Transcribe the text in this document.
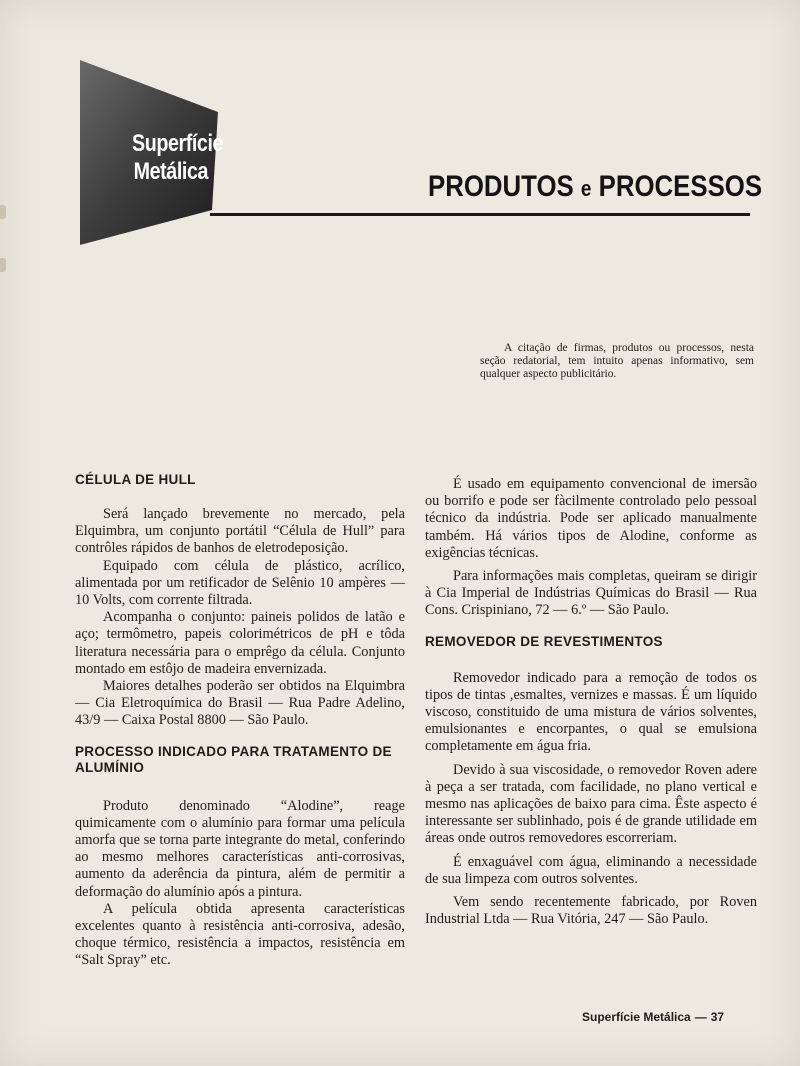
Superfície
Metálica	PRODUTOS e PROCESSOS

A citação de firmas, produtos ou processos, nesta seção redatorial, tem intuito apenas informativo, sem qualquer aspecto publicitário.

CÉLULA DE HULL

Será lançado brevemente no mercado, pela Elquimbra, um conjunto portátil “Célula de Hull” para contrôles rápidos de banhos de eletrodeposição.

Equipado com célula de plástico, acrílico, alimentada por um retificador de Selênio 10 ampères — 10 Volts, com corrente filtrada.

Acompanha o conjunto: paineis polidos de latão e aço; termômetro, papeis colorimétricos de pH e tôda literatura necessária para o emprêgo da célula. Conjunto montado em estôjo de madeira envernizada.

Maiores detalhes poderão ser obtidos na Elquimbra — Cia Eletroquímica do Brasil — Rua Padre Adelino, 43/9 — Caixa Postal 8800 — São Paulo.

PROCESSO INDICADO PARA TRATAMENTO DE ALUMÍNIO

Produto denominado “Alodine”, reage quimicamente com o alumínio para formar uma película amorfa que se torna parte integrante do metal, conferindo ao mesmo melhores características anti-corrosivas, aumento da aderência da pintura, além de permitir a deformação do alumínio após a pintura.

A película obtida apresenta características excelentes quanto à resistência anti-corrosiva, adesão, choque térmico, resistência a impactos, resistência em “Salt Spray” etc.

É usado em equipamento convencional de imersão ou borrifo e pode ser fàcilmente controlado pelo pessoal técnico da indústria. Pode ser aplicado manualmente também. Há vários tipos de Alodine, conforme as exigências técnicas.

Para informações mais completas, queiram se dirigir à Cia Imperial de Indústrias Químicas do Brasil — Rua Cons. Crispiniano, 72 — 6.º — São Paulo.

REMOVEDOR DE REVESTIMENTOS

Removedor indicado para a remoção de todos os tipos de tintas ,esmaltes, vernizes e massas. É um líquido viscoso, constituido de uma mistura de vários solventes, emulsionantes e encorpantes, o qual se emulsiona completamente em água fria.

Devido à sua viscosidade, o removedor Roven adere à peça a ser tratada, com facilidade, no plano vertical e mesmo nas aplicações de baixo para cima. Êste aspecto é interessante ser sublinhado, pois é de grande utilidade em áreas onde outros removedores escorreriam.

É enxaguável com água, eliminando a necessidade de sua limpeza com outros solventes.

Vem sendo recentemente fabricado, por Roven Industrial Ltda — Rua Vitória, 247 — São Paulo.

Superfície Metálica — 37
